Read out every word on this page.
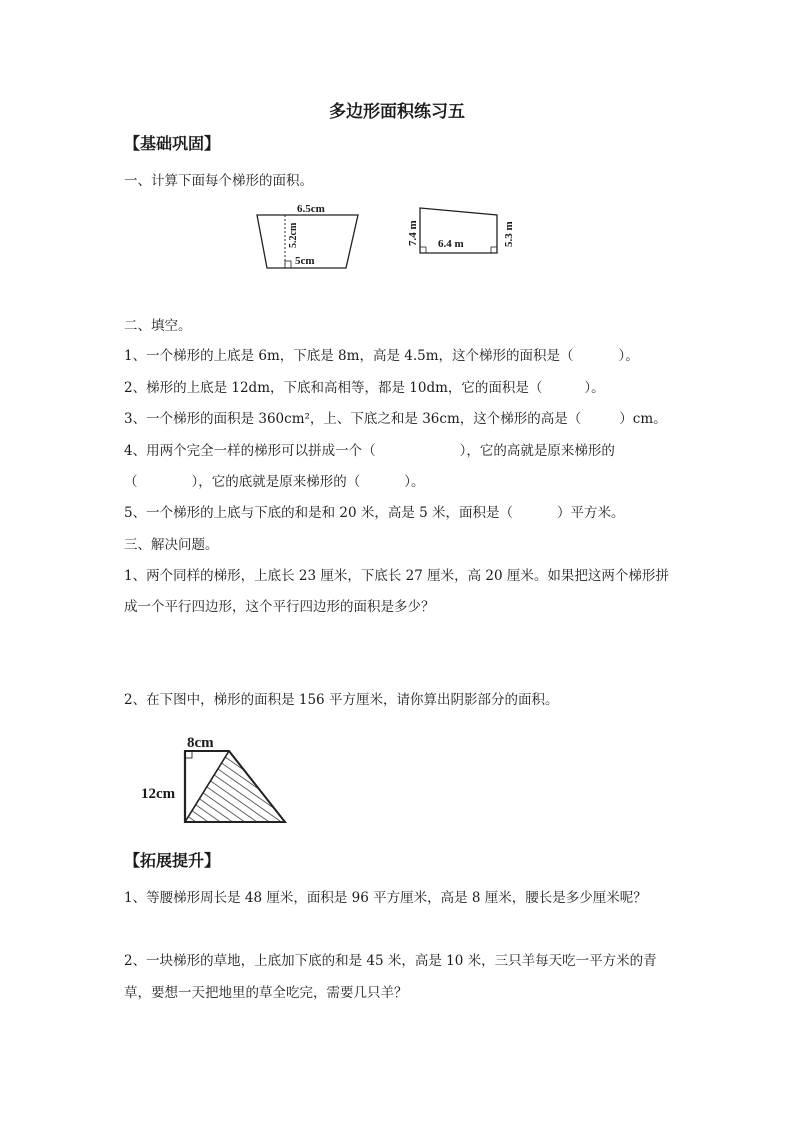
多边形面积练习五
【基础巩固】
一、计算下面每个梯形的面积。
6.5cm
5.2cm
5cm
7.4 m 6.4 m	5.3 m
二、填空。
1、一个梯形的上底是 6m，下底是 8m，高是 4.5m，这个梯形的面积是（	）。
2、梯形的上底是 12dm，下底和高相等，都是 10dm，它的面积是（	）。
3、一个梯形的面积是 360cm²，上、下底之和是 36cm，这个梯形的高是（	）cm。
4、用两个完全一样的梯形可以拼成一个（	），它的高就是原来梯形的
（	），它的底就是原来梯形的（	）。
5、一个梯形的上底与下底的和是和 20 米，高是 5 米，面积是（	）平方米。
三、解决问题。
1、两个同样的梯形，上底长 23 厘米，下底长 27 厘米，高 20 厘米。如果把这两个梯形拼
成一个平行四边形，这个平行四边形的面积是多少？
2、在下图中，梯形的面积是 156 平方厘米，请你算出阴影部分的面积。
8cm
12cm
【拓展提升】
1、等腰梯形周长是 48 厘米，面积是 96 平方厘米，高是 8 厘米，腰长是多少厘米呢？
2、一块梯形的草地，上底加下底的和是 45 米，高是 10 米，三只羊每天吃一平方米的青
草，要想一天把地里的草全吃完，需要几只羊？
